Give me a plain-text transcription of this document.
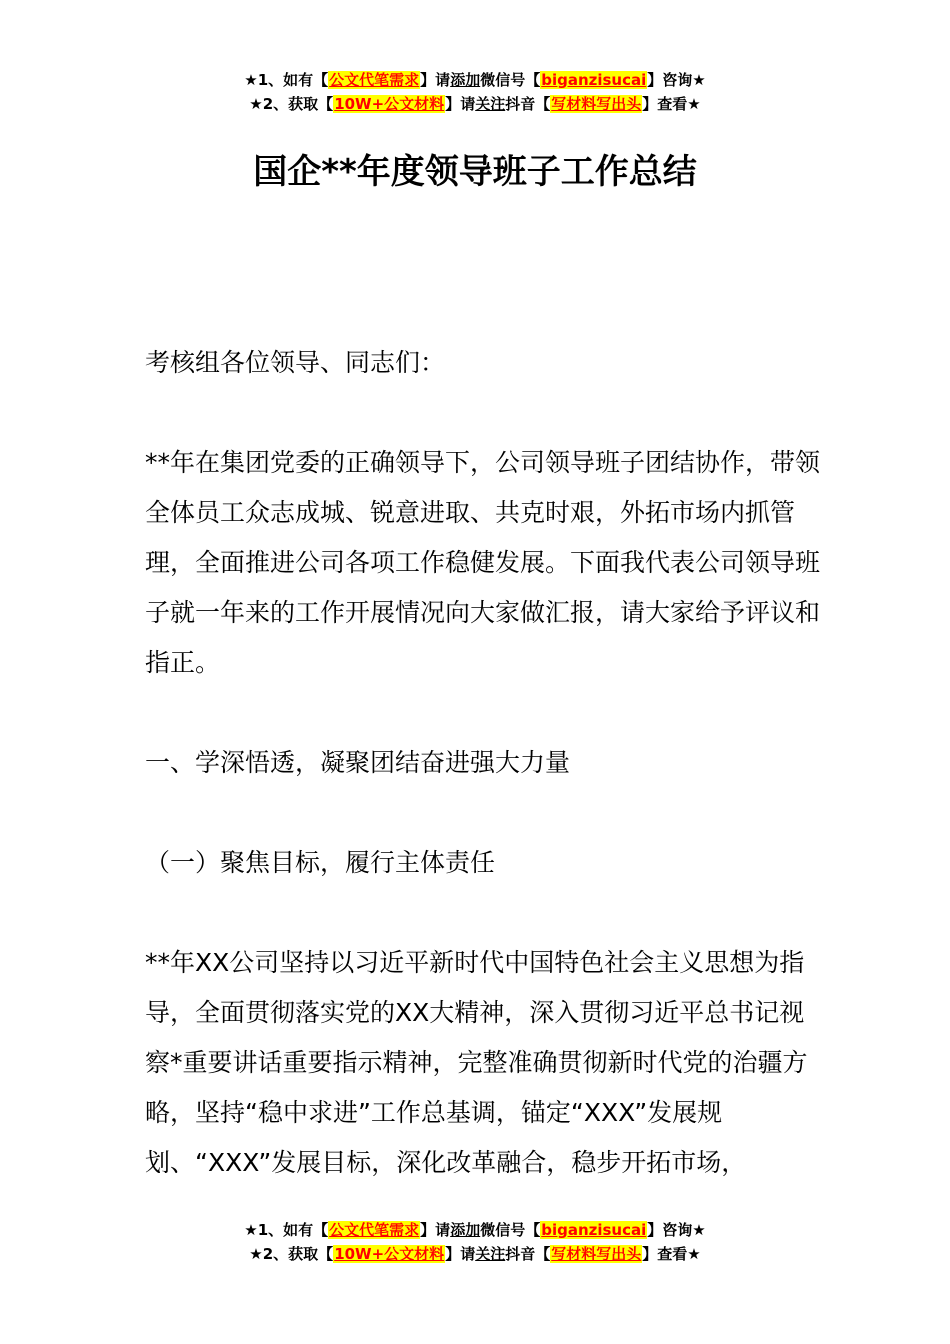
★1、如有【公文代笔需求】请添加微信号【biganzisucai】咨询★
★2、获取【10W+公文材料】请关注抖音【写材料写出头】查看★
国企**年度领导班子工作总结

考核组各位领导、同志们：

**年在集团党委的正确领导下，公司领导班子团结协作，带领全体员工众志成城、锐意进取、共克时艰，外拓市场内抓管理，全面推进公司各项工作稳健发展。下面我代表公司领导班子就一年来的工作开展情况向大家做汇报，请大家给予评议和指正。

一、学深悟透，凝聚团结奋进强大力量

（一）聚焦目标，履行主体责任

**年XX公司坚持以习近平新时代中国特色社会主义思想为指导，全面贯彻落实党的XX大精神，深入贯彻习近平总书记视察*重要讲话重要指示精神，完整准确贯彻新时代党的治疆方略，坚持“稳中求进”工作总基调，锚定“XXX”发展规划、“XXX”发展目标，深化改革融合，稳步开拓市场，

★1、如有【公文代笔需求】请添加微信号【biganzisucai】咨询★
★2、获取【10W+公文材料】请关注抖音【写材料写出头】查看★
